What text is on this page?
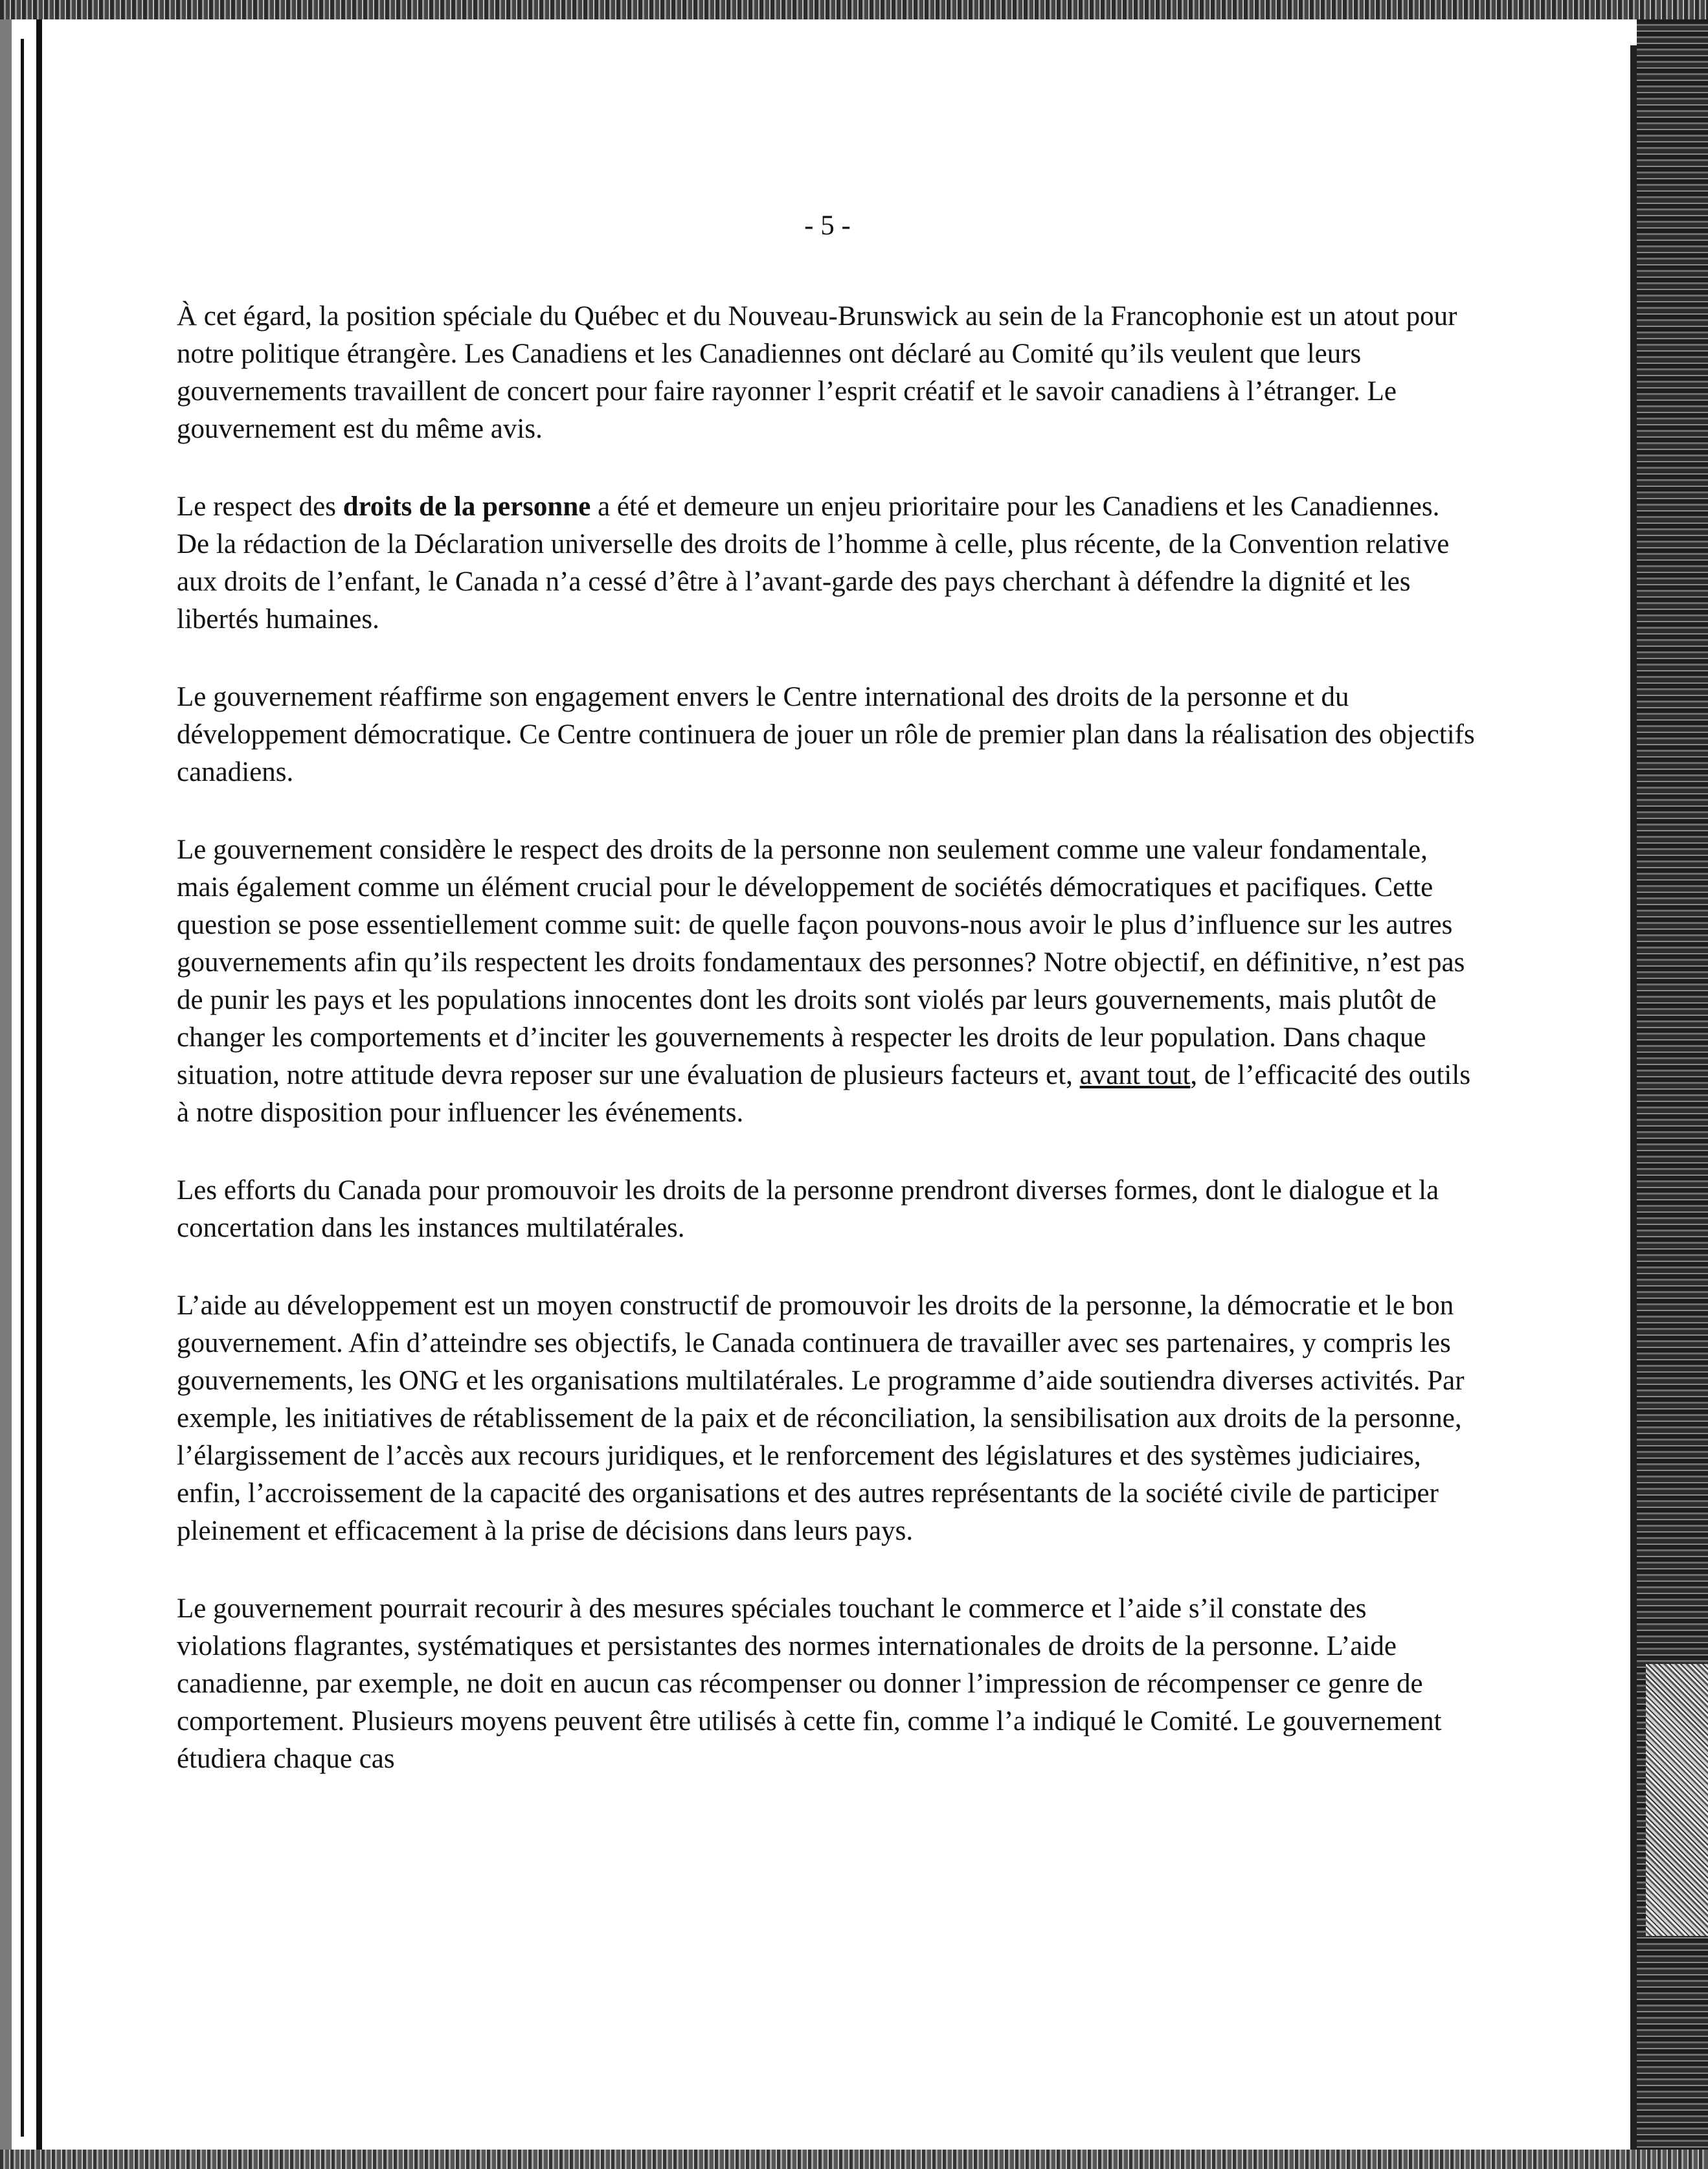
- 5 -

À cet égard, la position spéciale du Québec et du Nouveau-Brunswick au sein de la Francophonie est un atout pour notre politique étrangère. Les Canadiens et les Canadiennes ont déclaré au Comité qu’ils veulent que leurs gouvernements travaillent de concert pour faire rayonner l’esprit créatif et le savoir canadiens à l’étranger. Le gouvernement est du même avis.

Le respect des droits de la personne a été et demeure un enjeu prioritaire pour les Canadiens et les Canadiennes. De la rédaction de la Déclaration universelle des droits de l’homme à celle, plus récente, de la Convention relative aux droits de l’enfant, le Canada n’a cessé d’être à l’avant-garde des pays cherchant à défendre la dignité et les libertés humaines.

Le gouvernement réaffirme son engagement envers le Centre international des droits de la personne et du développement démocratique. Ce Centre continuera de jouer un rôle de premier plan dans la réalisation des objectifs canadiens.

Le gouvernement considère le respect des droits de la personne non seulement comme une valeur fondamentale, mais également comme un élément crucial pour le développement de sociétés démocratiques et pacifiques. Cette question se pose essentiellement comme suit: de quelle façon pouvons-nous avoir le plus d’influence sur les autres gouvernements afin qu’ils respectent les droits fondamentaux des personnes? Notre objectif, en définitive, n’est pas de punir les pays et les populations innocentes dont les droits sont violés par leurs gouvernements, mais plutôt de changer les comportements et d’inciter les gouvernements à respecter les droits de leur population. Dans chaque situation, notre attitude devra reposer sur une évaluation de plusieurs facteurs et, avant tout, de l’efficacité des outils à notre disposition pour influencer les événements.

Les efforts du Canada pour promouvoir les droits de la personne prendront diverses formes, dont le dialogue et la concertation dans les instances multilatérales.

L’aide au développement est un moyen constructif de promouvoir les droits de la personne, la démocratie et le bon gouvernement. Afin d’atteindre ses objectifs, le Canada continuera de travailler avec ses partenaires, y compris les gouvernements, les ONG et les organisations multilatérales. Le programme d’aide soutiendra diverses activités. Par exemple, les initiatives de rétablissement de la paix et de réconciliation, la sensibilisation aux droits de la personne, l’élargissement de l’accès aux recours juridiques, et le renforcement des législatures et des systèmes judiciaires, enfin, l’accroissement de la capacité des organisations et des autres représentants de la société civile de participer pleinement et efficacement à la prise de décisions dans leurs pays.

Le gouvernement pourrait recourir à des mesures spéciales touchant le commerce et l’aide s’il constate des violations flagrantes, systématiques et persistantes des normes internationales de droits de la personne. L’aide canadienne, par exemple, ne doit en aucun cas récompenser ou donner l’impression de récompenser ce genre de comportement. Plusieurs moyens peuvent être utilisés à cette fin, comme l’a indiqué le Comité. Le gouvernement étudiera chaque cas
